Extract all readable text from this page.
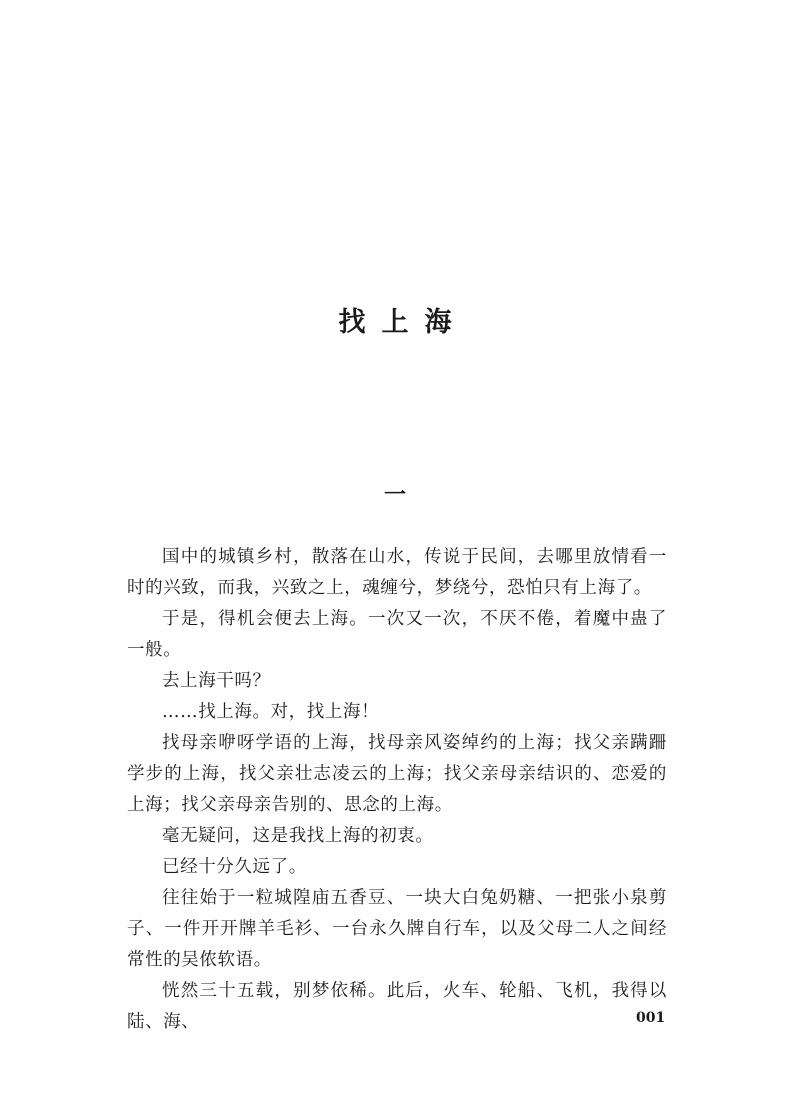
找上海
一

国中的城镇乡村，散落在山水，传说于民间，去哪里放情看一时的兴致，而我，兴致之上，魂缠兮，梦绕兮，恐怕只有上海了。

于是，得机会便去上海。一次又一次，不厌不倦，着魔中蛊了一般。

去上海干吗？

……找上海。对，找上海！

找母亲咿呀学语的上海，找母亲风姿绰约的上海；找父亲蹒跚学步的上海，找父亲壮志凌云的上海；找父亲母亲结识的、恋爱的上海；找父亲母亲告别的、思念的上海。

毫无疑问，这是我找上海的初衷。

已经十分久远了。

往往始于一粒城隍庙五香豆、一块大白兔奶糖、一把张小泉剪子、一件开开牌羊毛衫、一台永久牌自行车，以及父母二人之间经常性的吴侬软语。

恍然三十五载，别梦依稀。此后，火车、轮船、飞机，我得以陆、海、	001
